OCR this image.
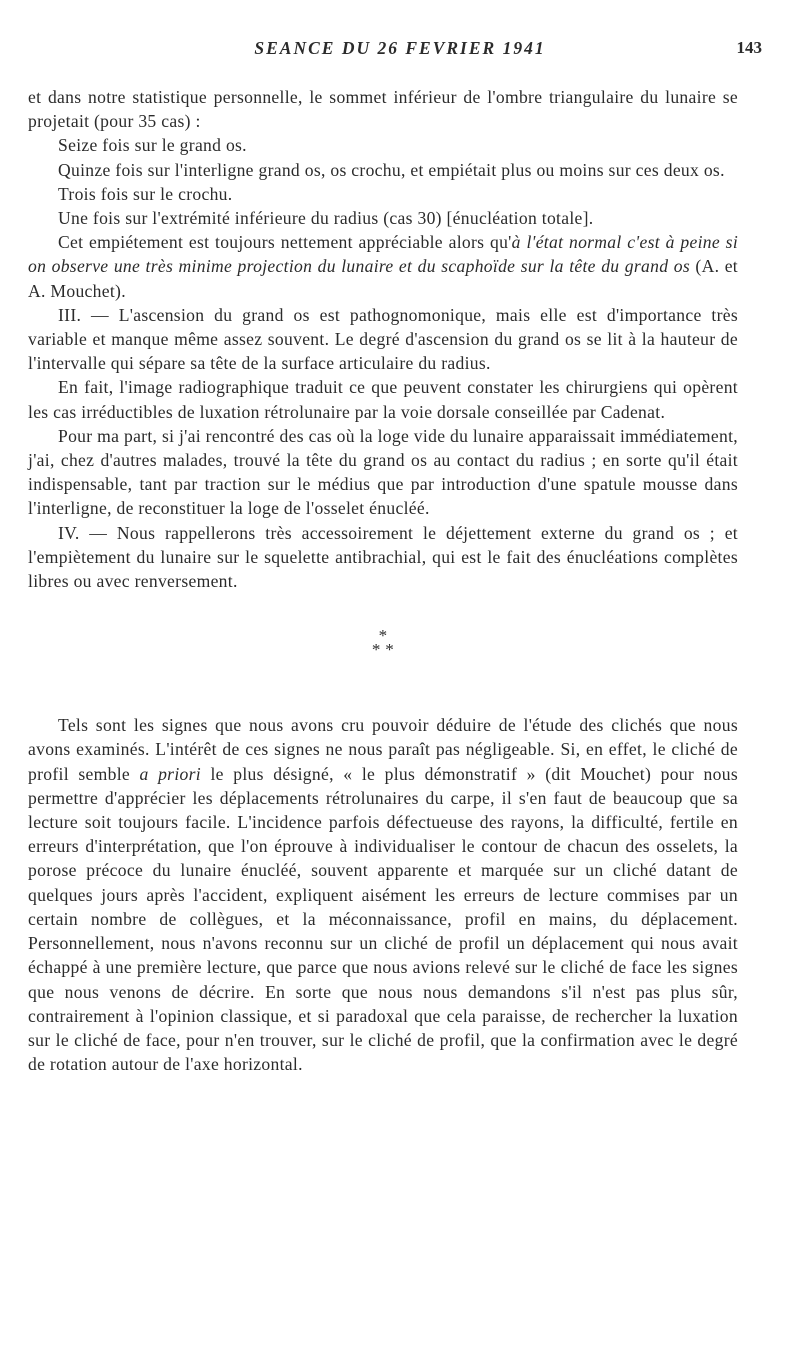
SEANCE DU 26 FEVRIER 1941	143

et dans notre statistique personnelle, le sommet inférieur de l'ombre triangulaire du lunaire se projetait (pour 35 cas) :

Seize fois sur le grand os.

Quinze fois sur l'interligne grand os, os crochu, et empiétait plus ou moins sur ces deux os.

Trois fois sur le crochu.

Une fois sur l'extrémité inférieure du radius (cas 30) [énucléation totale].

Cet empiétement est toujours nettement appréciable alors qu'à l'état normal c'est à peine si on observe une très minime projection du lunaire et du scaphoïde sur la tête du grand os (A. et A. Mouchet).

III. — L'ascension du grand os est pathognomonique, mais elle est d'importance très variable et manque même assez souvent. Le degré d'ascension du grand os se lit à la hauteur de l'intervalle qui sépare sa tête de la surface articulaire du radius.

En fait, l'image radiographique traduit ce que peuvent constater les chirurgiens qui opèrent les cas irréductibles de luxation rétrolunaire par la voie dorsale conseillée par Cadenat.

Pour ma part, si j'ai rencontré des cas où la loge vide du lunaire apparaissait immédiatement, j'ai, chez d'autres malades, trouvé la tête du grand os au contact du radius ; en sorte qu'il était indispensable, tant par traction sur le médius que par introduction d'une spatule mousse dans l'interligne, de reconstituer la loge de l'osselet énucléé.

IV. — Nous rappellerons très accessoirement le déjettement externe du grand os ; et l'empiètement du lunaire sur le squelette antibrachial, qui est le fait des énucléations complètes libres ou avec renversement.

*
* *

Tels sont les signes que nous avons cru pouvoir déduire de l'étude des clichés que nous avons examinés. L'intérêt de ces signes ne nous paraît pas négligeable. Si, en effet, le cliché de profil semble a priori le plus désigné, « le plus démonstratif » (dit Mouchet) pour nous permettre d'apprécier les déplacements rétrolunaires du carpe, il s'en faut de beaucoup que sa lecture soit toujours facile. L'incidence parfois défectueuse des rayons, la difficulté, fertile en erreurs d'interprétation, que l'on éprouve à individualiser le contour de chacun des osselets, la porose précoce du lunaire énucléé, souvent apparente et marquée sur un cliché datant de quelques jours après l'accident, expliquent aisément les erreurs de lecture commises par un certain nombre de collègues, et la méconnaissance, profil en mains, du déplacement. Personnellement, nous n'avons reconnu sur un cliché de profil un déplacement qui nous avait échappé à une première lecture, que parce que nous avions relevé sur le cliché de face les signes que nous venons de décrire. En sorte que nous nous demandons s'il n'est pas plus sûr, contrairement à l'opinion classique, et si paradoxal que cela paraisse, de rechercher la luxation sur le cliché de face, pour n'en trouver, sur le cliché de profil, que la confirmation avec le degré de rotation autour de l'axe horizontal.
